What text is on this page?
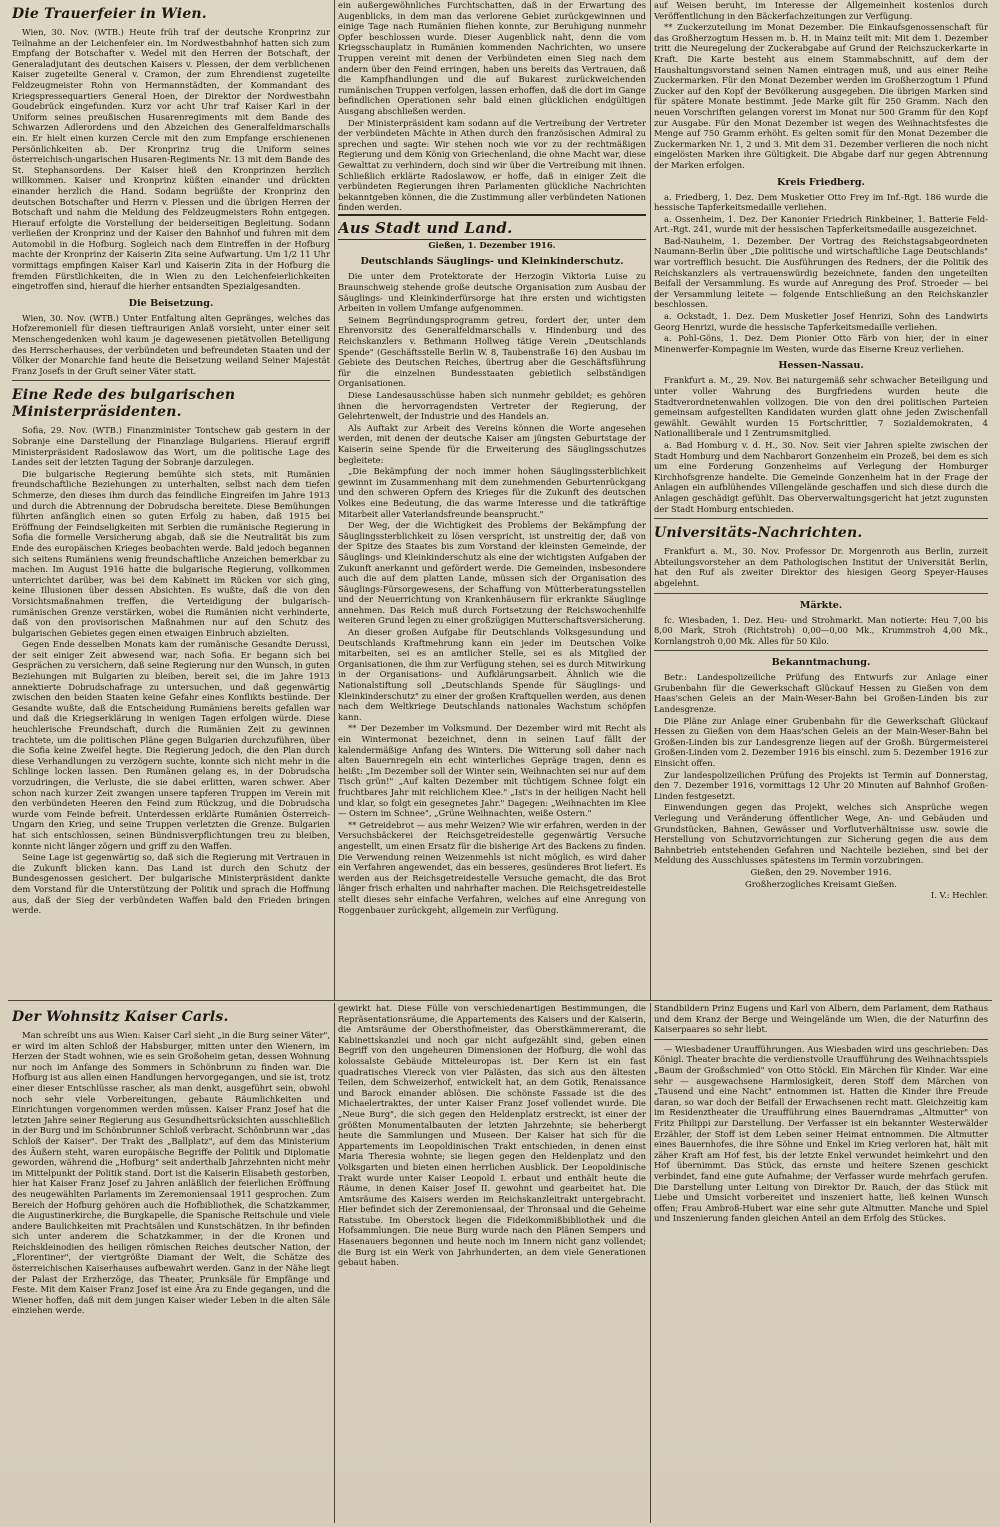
Die Trauerfeier in Wien.

Wien, 30. Nov. (WTB.) Heute früh traf der deutsche Kronprinz zur Teilnahme an der Leichenfeier ein. Im Nordwestbahnhof hatten sich zum Empfang der Botschafter v. Wedel mit den Herren der Botschaft, der Generaladjutant des deutschen Kaisers v. Plessen, der dem verblichenen Kaiser zugeteilte General v. Cramon, der zum Ehrendienst zugeteilte Feldzeugmeister Rohn von Hermannstädten, der Kommandant des Kriegspressequartiers General Hoen, der Direktor der Nordwestbahn Goudebrück eingefunden. Kurz vor acht Uhr traf Kaiser Karl in der Uniform seines preußischen Husarenregiments mit dem Bande des Schwarzen Adlerordens und den Abzeichen des Generalfeldmarschalls ein. Er hielt einen kurzen Cercle mit den zum Empfange erschienenen Persönlichkeiten ab. Der Kronprinz trug die Uniform seines österreichisch-ungarischen Husaren-Regiments Nr. 13 mit dem Bande des St. Stephansordens. Der Kaiser hieß den Kronprinzen herzlich willkommen. Kaiser und Kronprinz küßten einander und drückten einander herzlich die Hand. Sodann begrüßte der Kronprinz den deutschen Botschafter und Herrn v. Plessen und die übrigen Herren der Botschaft und nahm die Meldung des Feldzeugmeisters Rohn entgegen. Hierauf erfolgte die Vorstellung der beiderseitigen Begleitung. Sodann verließen der Kronprinz und der Kaiser den Bahnhof und fuhren mit dem Automobil in die Hofburg. Sogleich nach dem Eintreffen in der Hofburg machte der Kronprinz der Kaiserin Zita seine Aufwartung. Um 1/2 11 Uhr vormittags empfingen Kaiser Karl und Kaiserin Zita in der Hofburg die fremden Fürstlichkeiten, die in Wien zu den Leichenfeierlichkeiten eingetroffen sind, hierauf die hierher entsandten Spezialgesandten.

Die Beisetzung.

Wien, 30. Nov. (WTB.) Unter Entfaltung alten Gepränges, welches das Hofzeremoniell für diesen tieftraurigen Anlaß vorsieht, unter einer seit Menschengedenken wohl kaum je dagewesenen pietätvollen Beteiligung des Herrscherhauses, der verbündeten und befreundeten Staaten und der Völker der Monarchie fand heute die Beisetzung weiland Seiner Majestät Franz Josefs in der Gruft seiner Väter statt.

Eine Rede des bulgarischen Ministerpräsidenten.

Sofia, 29. Nov. (WTB.) Finanzminister Tontschew gab gestern in der Sobranje eine Darstellung der Finanzlage Bulgariens. Hierauf ergriff Ministerpräsident Radoslawow das Wort, um die politische Lage des Landes seit der letzten Tagung der Sobranje darzulegen.

Die bulgarische Regierung bemühte sich stets, mit Rumänien freundschaftliche Beziehungen zu unterhalten, selbst nach dem tiefen Schmerze, den dieses ihm durch das feindliche Eingreifen im Jahre 1913 und durch die Abtrennung der Dobrudscha bereitete. Diese Bemühungen führten anfänglich einen so guten Erfolg zu haben, daß 1915 bei Eröffnung der Feindseligkeiten mit Serbien die rumänische Regierung in Sofia die formelle Versicherung abgab, daß sie die Neutralität bis zum Ende des europäischen Krieges beobachten werde. Bald jedoch begannen sich seitens Rumäniens wenig freundschaftliche Anzeichen bemerkbar zu machen. Im August 1916 hatte die bulgarische Regierung, vollkommen unterrichtet darüber, was bei dem Kabinett im Rücken vor sich ging, keine Illusionen über dessen Absichten. Es wußte, daß die von den Vorsichtsmaßnahmen treffen, die Verteidigung der bulgarisch-rumänischen Grenze verstärken, wobei die Rumänien nicht verhinderte, daß von den provisorischen Maßnahmen nur auf den Schutz des bulgarischen Gebietes gegen einen etwaigen Einbruch abzielten.

Gegen Ende desselben Monats kam der rumänische Gesandte Derussi, der seit einiger Zeit abwesend war, nach Sofia. Er begann sich bei Gesprächen zu versichern, daß seine Regierung nur den Wunsch, in guten Beziehungen mit Bulgarien zu bleiben, bereit sei, die im Jahre 1913 annektierte Dobrudschafrage zu untersuchen, und daß gegenwärtig zwischen den beiden Staaten keine Gefahr eines Konflikts bestünde. Der Gesandte wußte, daß die Entscheidung Rumäniens bereits gefallen war und daß die Kriegserklärung in wenigen Tagen erfolgen würde. Diese heuchlerische Freundschaft, durch die Rumänien Zeit zu gewinnen trachtete, um die politischen Pläne gegen Bulgarien durchzuführen, über die Sofia keine Zweifel hegte. Die Regierung jedoch, die den Plan durch diese Verhandlungen zu verzögern suchte, konnte sich nicht mehr in die Schlinge locken lassen. Den Rumänen gelang es, in der Dobrudscha vorzudringen, die Verluste, die sie dabei erlitten, waren schwer. Aber schon nach kurzer Zeit zwangen unsere tapferen Truppen im Verein mit den verbündeten Heeren den Feind zum Rückzug, und die Dobrudscha wurde vom Feinde befreit. Unterdessen erklärte Rumänien Österreich-Ungarn den Krieg, und seine Truppen verletzten die Grenze. Bulgarien hat sich entschlossen, seinen Bündnisverpflichtungen treu zu bleiben, konnte nicht länger zögern und griff zu den Waffen.

Seine Lage ist gegenwärtig so, daß sich die Regierung mit Vertrauen in die Zukunft blicken kann. Das Land ist durch den Schutz der Bundesgenossen gesichert. Der bulgarische Ministerpräsident dankte dem Vorstand für die Unterstützung der Politik und sprach die Hoffnung aus, daß der Sieg der verbündeten Waffen bald den Frieden bringen werde.

ein außergewöhnliches Furchtschatten, daß in der Erwartung des Augenblicks, in dem man das verlorene Gebiet zurückgewinnen und einige Tage nach Rumänien fliehen konnte, zur Beruhigung nunmehr Opfer beschlossen wurde. Dieser Augenblick naht, denn die vom Kriegsschauplatz in Rumänien kommenden Nachrichten, wo unsere Truppen vereint mit denen der Verbündeten einen Sieg nach dem andern über den Feind erringen, haben uns bereits das Vertrauen, daß die Kampfhandlungen und die auf Bukarest zurückweichenden rumänischen Truppen verfolgen, lassen erhoffen, daß die dort im Gange befindlichen Operationen sehr bald einen glücklichen endgültigen Ausgang abschließen werden.

Der Ministerpräsident kam sodann auf die Vertreibung der Vertreter der verbündeten Mächte in Athen durch den französischen Admiral zu sprechen und sagte: Wir stehen noch wie vor zu der rechtmäßigen Regierung und dem König von Griechenland, die ohne Macht war, diese Gewalttat zu verhindern, doch sind wir über die Vertreibung mit ihnen. Schließlich erklärte Radoslawow, er hoffe, daß in einiger Zeit die verbündeten Regierungen ihren Parlamenten glückliche Nachrichten bekanntgeben können, die die Zustimmung aller verbündeten Nationen finden werden.

Aus Stadt und Land.
Gießen, 1. Dezember 1916.
Deutschlands Säuglings- und Kleinkinderschutz.

Die unter dem Protektorate der Herzogin Viktoria Luise zu Braunschweig stehende große deutsche Organisation zum Ausbau der Säuglings- und Kleinkinderfürsorge hat ihre ersten und wichtigsten Arbeiten in vollem Umfange aufgenommen.

Seinem Begründungsprogramm getreu, fordert der, unter dem Ehrenvorsitz des Generalfeldmarschalls v. Hindenburg und des Reichskanzlers v. Bethmann Hollweg tätige Verein „Deutschlands Spende" (Geschäftsstelle Berlin W. 8, Taubenstraße 16) den Ausbau im Gebiete des Deutschen Reiches, übertrug aber die Geschäftsführung für die einzelnen Bundesstaaten gebietlich selbständigen Organisationen.

Diese Landesausschüsse haben sich nunmehr gebildet; es gehören ihnen die hervorragendsten Vertreter der Regierung, der Gelehrtenwelt, der Industrie und des Handels an.

Als Auftakt zur Arbeit des Vereins können die Worte angesehen werden, mit denen der deutsche Kaiser am jüngsten Geburtstage der Kaiserin seine Spende für die Erweiterung des Säuglingsschutzes begleitete:

„Die Bekämpfung der noch immer hohen Säuglingssterblichkeit gewinnt im Zusammenhang mit dem zunehmenden Geburtenrückgang und den schweren Opfern des Krieges für die Zukunft des deutschen Volkes eine Bedeutung, die das warme Interesse und die tatkräftige Mitarbeit aller Vaterlandsfreunde beansprucht."

Der Weg, der die Wichtigkeit des Problems der Bekämpfung der Säuglingssterblichkeit zu lösen verspricht, ist unstreitig der, daß von der Spitze des Staates bis zum Vorstand der kleinsten Gemeinde, der Säuglings- und Kleinkinderschutz als eine der wichtigsten Aufgaben der Zukunft anerkannt und gefördert werde. Die Gemeinden, insbesondere auch die auf dem platten Lande, müssen sich der Organisation des Säuglings-Fürsorgewesens, der Schaffung von Mütterberatungsstellen und der Neuerrichtung von Krankenhäusern für erkrankte Säuglinge annehmen. Das Reich muß durch Fortsetzung der Reichswochenhilfe weiteren Grund legen zu einer großzügigen Mutterschaftsversicherung.

An dieser großen Aufgabe für Deutschlands Volksgesundung und Deutschlands Kraftmehrung kann ein jeder im Deutschen Volke mitarbeiten, sei es an amtlicher Stelle, sei es als Mitglied der Organisationen, die ihm zur Verfügung stehen, sei es durch Mitwirkung in der Organisations- und Aufklärungsarbeit. Ähnlich wie die Nationalstiftung soll „Deutschlands Spende für Säuglings- und Kleinkinderschutz" zu einer der großen Kraftquellen werden, aus denen nach dem Weltkriege Deutschlands nationales Wachstum schöpfen kann.

** Der Dezember im Volksmund. Der Dezember wird mit Recht als ein Wintermonat bezeichnet, denn in seinen Lauf fällt der kalendermäßige Anfang des Winters. Die Witterung soll daher nach alten Bauernregeln ein echt winterliches Gepräge tragen, denn es heißt: „Im Dezember soll der Winter sein, Weihnachten sei nur auf dem Tisch grün!" „Auf kalten Dezember mit tüchtigem Schnee folgt ein fruchtbares Jahr mit reichlichem Klee." „Ist's in der heiligen Nacht hell und klar, so folgt ein gesegnetes Jahr." Dagegen: „Weihnachten im Klee — Ostern im Schnee", „Grüne Weihnachten, weiße Ostern."

** Getreidebrot — aus mehr Weizen? Wie wir erfahren, werden in der Versuchsbäckerei der Reichsgetreidestelle gegenwärtig Versuche angestellt, um einen Ersatz für die bisherige Art des Backens zu finden. Die Verwendung reinen Weizenmehls ist nicht möglich, es wird daher ein Verfahren angewendet, das ein besseres, gesünderes Brot liefert. Es werden aus der Reichsgetreidestelle Versuche gemacht, die das Brot länger frisch erhalten und nahrhafter machen. Die Reichsgetreidestelle stellt dieses sehr einfache Verfahren, welches auf eine Anregung von Roggenbauer zurückgeht, allgemein zur Verfügung.

auf Weisen beruht, im Interesse der Allgemeinheit kostenlos durch Veröffentlichung in den Bäckerfachzeitungen zur Verfügung.

** Zuckerzuteilung im Monat Dezember. Die Einkaufsgenossenschaft für das Großherzogtum Hessen m. b. H. in Mainz teilt mit: Mit dem 1. Dezember tritt die Neuregelung der Zuckerabgabe auf Grund der Reichszuckerkarte in Kraft. Die Karte besteht aus einem Stammabschnitt, auf dem der Haushaltungsvorstand seinen Namen eintragen muß, und aus einer Reihe Zuckermarken. Für den Monat Dezember werden im Großherzogtum 1 Pfund Zucker auf den Kopf der Bevölkerung ausgegeben. Die übrigen Marken sind für spätere Monate bestimmt. Jede Marke gilt für 250 Gramm. Nach den neuen Vorschriften gelangen vorerst im Monat nur 500 Gramm für den Kopf zur Ausgabe. Für den Monat Dezember ist wegen des Weihnachtsfestes die Menge auf 750 Gramm erhöht. Es gelten somit für den Monat Dezember die Zuckermarken Nr. 1, 2 und 3. Mit dem 31. Dezember verlieren die noch nicht eingelösten Marken ihre Gültigkeit. Die Abgabe darf nur gegen Abtrennung der Marken erfolgen.

Kreis Friedberg.

a. Friedberg, 1. Dez. Dem Musketier Otto Frey im Inf.-Rgt. 186 wurde die hessische Tapferkeitsmedaille verliehen.

a. Ossenheim, 1. Dez. Der Kanonier Friedrich Rinkbeiner, 1. Batterie Feld-Art.-Rgt. 241, wurde mit der hessischen Tapferkeitsmedaille ausgezeichnet.

Bad-Nauheim, 1. Dezember. Der Vortrag des Reichstagsabgeordneten Naumann-Berlin über „Die politische und wirtschaftliche Lage Deutschlands" war vortrefflich besucht. Die Ausführungen des Redners, der die Politik des Reichskanzlers als vertrauenswürdig bezeichnete, fanden den ungeteilten Beifall der Versammlung. Es wurde auf Anregung des Prof. Stroeder — bei der Versammlung leitete — folgende Entschließung an den Reichskanzler beschlossen.

a. Ockstadt, 1. Dez. Dem Musketier Josef Henrizi, Sohn des Landwirts Georg Henrizi, wurde die hessische Tapferkeitsmedaille verliehen.

a. Pohl-Göns, 1. Dez. Dem Pionier Otto Färb von hier, der in einer Minenwerfer-Kompagnie im Westen, wurde das Eiserne Kreuz verliehen.

Hessen-Nassau.

Frankfurt a. M., 29. Nov. Bei naturgemäß sehr schwacher Beteiligung und unter voller Wahrung des Burgfriedens wurden heute die Stadtverordnetenwahlen vollzogen. Die von den drei politischen Parteien gemeinsam aufgestellten Kandidaten wurden glatt ohne jeden Zwischenfall gewählt. Gewählt wurden 15 Fortschrittler, 7 Sozialdemokraten, 4 Nationalliberale und 1 Zentrumsmitglied.

a. Bad Homburg v. d. H., 30. Nov. Seit vier Jahren spielte zwischen der Stadt Homburg und dem Nachbarort Gonzenheim ein Prozeß, bei dem es sich um eine Forderung Gonzenheims auf Verlegung der Homburger Kirchhofsgrenze handelte. Die Gemeinde Gonzenheim hat in der Frage der Anlagen ein aufblühendes Villengelände geschaffen und sich diese durch die Anlagen geschädigt gefühlt. Das Oberverwaltungsgericht hat jetzt zugunsten der Stadt Homburg entschieden.

Universitäts-Nachrichten.

Frankfurt a. M., 30. Nov. Professor Dr. Morgenroth aus Berlin, zurzeit Abteilungsvorsteher an dem Pathologischen Institut der Universität Berlin, hat den Ruf als zweiter Direktor des hiesigen Georg Speyer-Hauses abgelehnt.

Märkte.

fc. Wiesbaden, 1. Dez. Heu- und Strohmarkt. Man notierte: Heu 7,00 bis 8,00 Mark, Stroh (Richtstroh) 0,00—0,00 Mk., Krummstroh 4,00 Mk., Kornlangstroh 0,00 Mk. Alles für 50 Kilo.

Bekanntmachung.

Betr.: Landespolizeiliche Prüfung des Entwurfs zur Anlage einer Grubenbahn für die Gewerkschaft Glückauf Hessen zu Gießen von dem Haas'schen Geleis an der Main-Weser-Bahn bei Großen-Linden bis zur Landesgrenze.

Die Pläne zur Anlage einer Grubenbahn für die Gewerkschaft Glückauf Hessen zu Gießen von dem Haas'schen Geleis an der Main-Weser-Bahn bei Großen-Linden bis zur Landesgrenze liegen auf der Großh. Bürgermeisterei Großen-Linden vom 2. Dezember 1916 bis einschl. zum 5. Dezember 1916 zur Einsicht offen.

Zur landespolizeilichen Prüfung des Projekts ist Termin auf Donnerstag, den 7. Dezember 1916, vormittags 12 Uhr 20 Minuten auf Bahnhof Großen-Linden festgesetzt.

Einwendungen gegen das Projekt, welches sich Ansprüche wegen Verlegung und Veränderung öffentlicher Wege, An- und Gebäuden und Grundstücken, Bahnen, Gewässer und Vorflutverhältnisse usw. sowie die Herstellung von Schutzvorrichtungen zur Sicherung gegen die aus dem Bahnbetrieb entstehenden Gefahren und Nachteile beziehen, sind bei der Meldung des Ausschlusses spätestens im Termin vorzubringen.

Gießen, den 29. November 1916.

Großherzogliches Kreisamt Gießen.

I. V.: Hechler.

Der Wohnsitz Kaiser Carls.

Man schreibt uns aus Wien: Kaiser Carl sieht „in die Burg seiner Väter", er wird im alten Schloß der Habsburger, mitten unter den Wienern, im Herzen der Stadt wohnen, wie es sein Großoheim getan, dessen Wohnung nur noch im Anfange des Sommers in Schönbrunn zu finden war. Die Hofburg ist aus allen einen Handlungen hervorgegangen, und sie ist, trotz einer dieser Entschlüsse rascher, als man denkt, ausgeführt sein, obwohl noch sehr viele Vorbereitungen, gebaute Räumlichkeiten und Einrichtungen vorgenommen werden müssen. Kaiser Franz Josef hat die letzten Jahre seiner Regierung aus Gesundheitsrücksichten ausschließlich in der Burg und im Schönbrunner Schloß verbracht. Schönbrunn war „das Schloß der Kaiser". Der Trakt des „Ballplatz", auf dem das Ministerium des Äußern steht, waren europäische Begriffe der Politik und Diplomatie geworden, während die „Hofburg" seit anderthalb Jahrzehnten nicht mehr im Mittelpunkt der Politik stand. Dort ist die Kaiserin Elisabeth gestorben, hier hat Kaiser Franz Josef zu Jahren anläßlich der feierlichen Eröffnung des neugewählten Parlaments im Zeremoniensaal 1911 gesprochen. Zum Bereich der Hofburg gehören auch die Hofbibliothek, die Schatzkammer, die Augustinerkirche, die Burgkapelle, die Spanische Reitschule und viele andere Baulichkeiten mit Prachtsälen und Kunstschätzen. In ihr befinden sich unter anderem die Schatzkammer, in der die Kronen und Reichskleinodien des heiligen römischen Reiches deutscher Nation, der „Florentiner", der viertgrößte Diamant der Welt, die Schätze des österreichischen Kaiserhauses aufbewahrt werden. Ganz in der Nähe liegt der Palast der Erzherzöge, das Theater, Prunksäle für Empfänge und Feste. Mit dem Kaiser Franz Josef ist eine Ära zu Ende gegangen, und die Wiener hoffen, daß mit dem jungen Kaiser wieder Leben in die alten Säle einziehen werde.

gewirkt hat. Diese Fülle von verschiedenartigen Bestimmungen, die Repräsentationsräume, die Appartements des Kaisers und der Kaiserin, die Amtsräume der Obersthofmeister, das Oberstkämmereramt, die Kabinettskanzlei und noch gar nicht aufgezählt sind, geben einen Begriff von den ungeheuren Dimensionen der Hofburg, die wohl das kolossalste Gebäude Mitteleuropas ist. Der Kern ist ein fast quadratisches Viereck von vier Palästen, das sich aus den ältesten Teilen, dem Schweizerhof, entwickelt hat, an dem Gotik, Renaissance und Barock einander ablösen. Die schönste Fassade ist die des Michaelertraktes, der unter Kaiser Franz Josef vollendet wurde. Die „Neue Burg", die sich gegen den Heldenplatz erstreckt, ist einer der größten Monumentalbauten der letzten Jahrzehnte; sie beherbergt heute die Sammlungen und Museen. Der Kaiser hat sich für die Appartements im Leopoldinischen Trakt entschieden, in denen einst Maria Theresia wohnte; sie liegen gegen den Heldenplatz und den Volksgarten und bieten einen herrlichen Ausblick. Der Leopoldinische Trakt wurde unter Kaiser Leopold I. erbaut und enthält heute die Räume, in denen Kaiser Josef II. gewohnt und gearbeitet hat. Die Amtsräume des Kaisers werden im Reichskanzleitrakt untergebracht. Hier befindet sich der Zeremoniensaal, der Thronsaal und die Geheime Ratsstube. Im Oberstock liegen die Fideikommißbibliothek und die Hofsammlungen. Die neue Burg wurde nach den Plänen Sempers und Hasenauers begonnen und heute noch im Innern nicht ganz vollendet; die Burg ist ein Werk von Jahrhunderten, an dem viele Generationen gebaut haben.

Standbildern Prinz Eugens und Karl von Albern, dem Parlament, dem Rathaus und dem Kranz der Berge und Weingelände um Wien, die der Naturfinn des Kaiserpaares so sehr liebt.

— Wiesbadener Uraufführungen. Aus Wiesbaden wird uns geschrieben: Das Königl. Theater brachte die verdienstvolle Uraufführung des Weihnachtsspiels „Baum der Großschmied" von Otto Stöckl. Ein Märchen für Kinder. War eine sehr — ausgewachsene Harmlosigkeit, deren Stoff dem Märchen von „Tausend und eine Nacht" entnommen ist. Hatten die Kinder ihre Freude daran, so war doch der Beifall der Erwachsenen recht matt. Gleichzeitig kam im Residenztheater die Uraufführung eines Bauerndramas „Altmutter" von Fritz Philippi zur Darstellung. Der Verfasser ist ein bekannter Westerwälder Erzähler, der Stoff ist dem Leben seiner Heimat entnommen. Die Altmutter eines Bauernhofes, die ihre Söhne und Enkel im Krieg verloren hat, hält mit zäher Kraft am Hof fest, bis der letzte Enkel verwundet heimkehrt und den Hof übernimmt. Das Stück, das ernste und heitere Szenen geschickt verbindet, fand eine gute Aufnahme; der Verfasser wurde mehrfach gerufen. Die Darstellung unter Leitung von Direktor Dr. Rauch, der das Stück mit Liebe und Umsicht vorbereitet und inszeniert hatte, ließ keinen Wunsch offen; Frau Ambroß-Hubert war eine sehr gute Altmutter. Manche und Spiel und Inszenierung fanden gleichen Anteil an dem Erfolg des Stückes.
